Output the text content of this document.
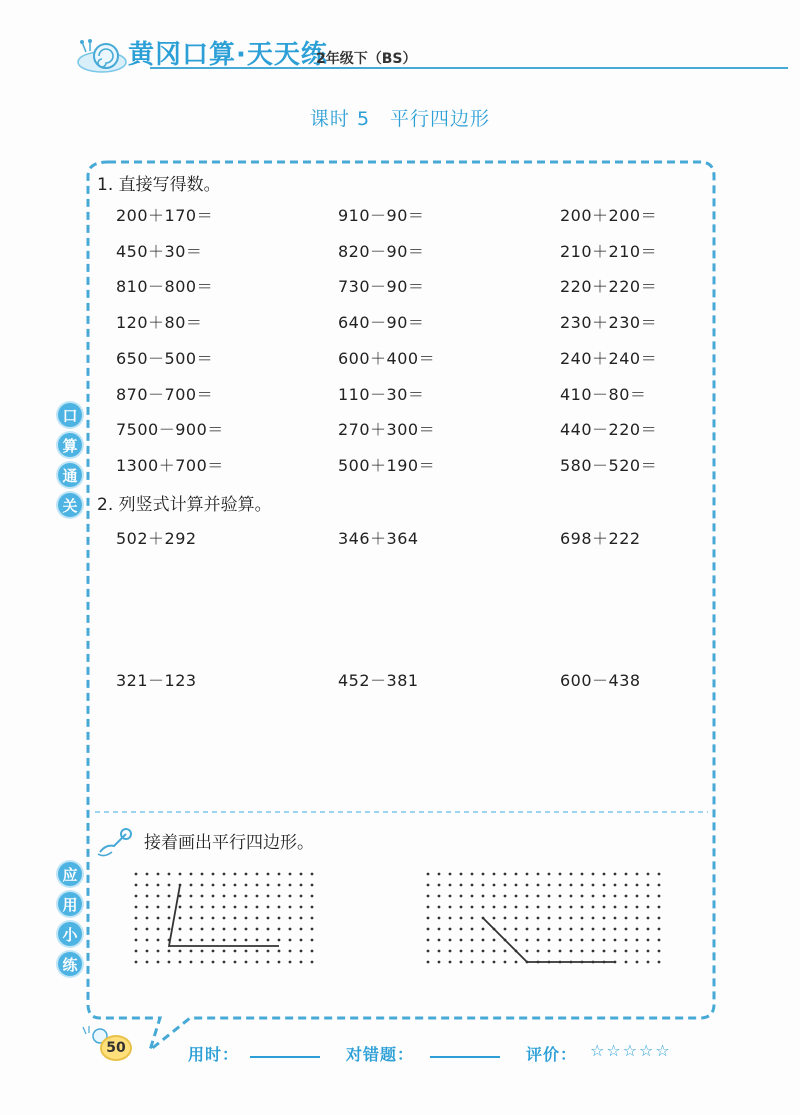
黄冈口算·天天练
2年级下（BS）
课时 5　平行四边形
口
算
通
关
应
用
小
练
1. 直接写得数。
200＋170＝	910－90＝	200＋200＝
450＋30＝	820－90＝	210＋210＝
810－800＝	730－90＝	220＋220＝
120＋80＝	640－90＝	230＋230＝
650－500＝	600＋400＝	240＋240＝
870－700＝	110－30＝	410－80＝
7500－900＝	270＋300＝	440－220＝
1300＋700＝	500＋190＝	580－520＝
2. 列竖式计算并验算。
502＋292	346＋364	698＋222
321－123	452－381	600－438
接着画出平行四边形。
50	用时：	对错题：	评价： ☆☆☆☆☆
